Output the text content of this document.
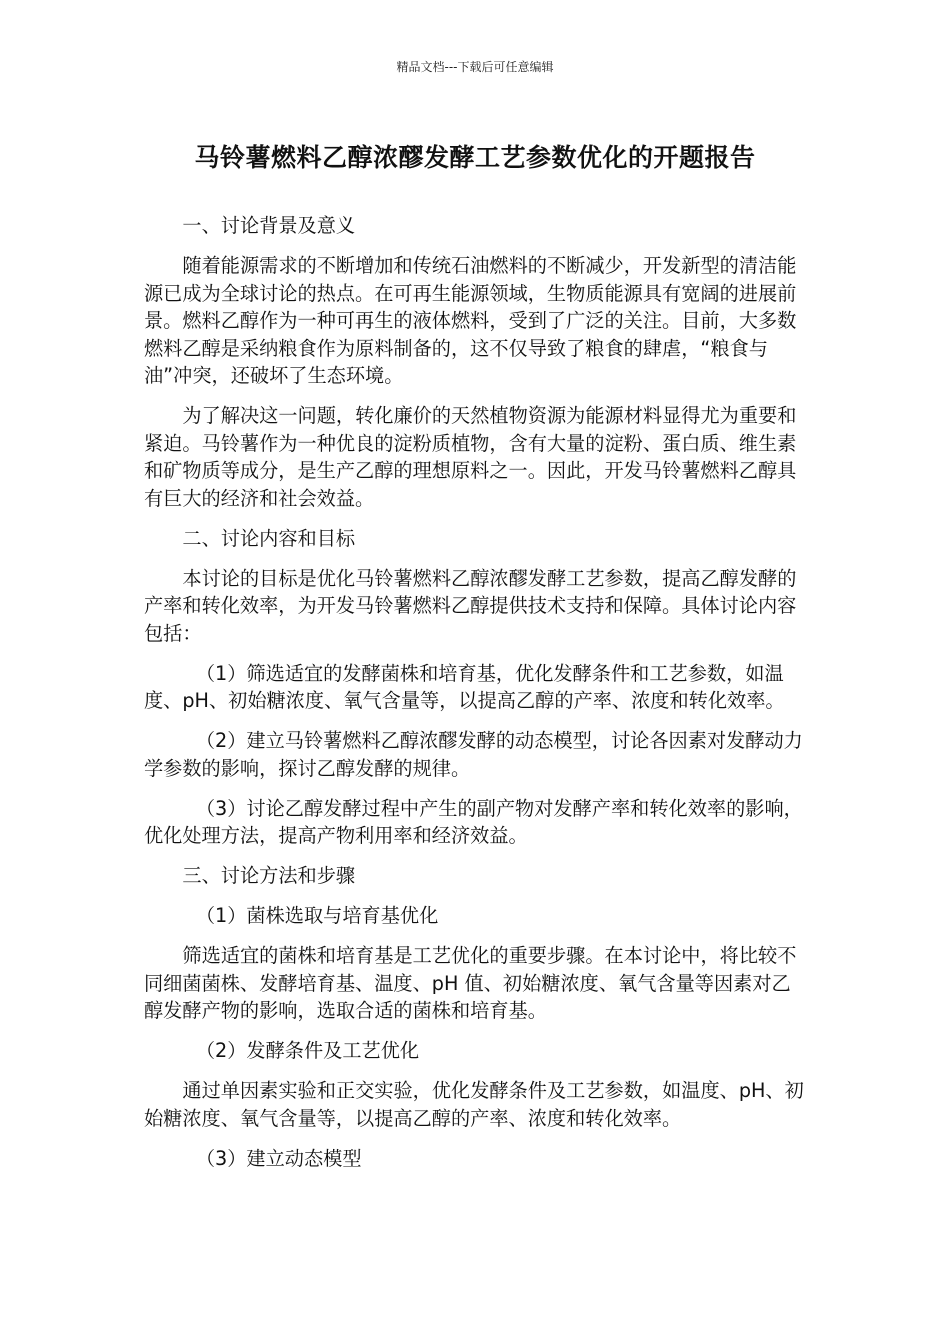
精品文档---下载后可任意编辑
马铃薯燃料乙醇浓醪发酵工艺参数优化的开题报告

一、讨论背景及意义

随着能源需求的不断增加和传统石油燃料的不断减少，开发新型的清洁能源已成为全球讨论的热点。在可再生能源领域，生物质能源具有宽阔的进展前景。燃料乙醇作为一种可再生的液体燃料，受到了广泛的关注。目前，大多数燃料乙醇是采纳粮食作为原料制备的，这不仅导致了粮食的肆虐，“粮食与油”冲突，还破坏了生态环境。

为了解决这一问题，转化廉价的天然植物资源为能源材料显得尤为重要和紧迫。马铃薯作为一种优良的淀粉质植物，含有大量的淀粉、蛋白质、维生素和矿物质等成分，是生产乙醇的理想原料之一。因此，开发马铃薯燃料乙醇具有巨大的经济和社会效益。

二、讨论内容和目标

本讨论的目标是优化马铃薯燃料乙醇浓醪发酵工艺参数，提高乙醇发酵的产率和转化效率，为开发马铃薯燃料乙醇提供技术支持和保障。具体讨论内容包括：

（1）筛选适宜的发酵菌株和培育基，优化发酵条件和工艺参数，如温度、pH、初始糖浓度、氧气含量等，以提高乙醇的产率、浓度和转化效率。

（2）建立马铃薯燃料乙醇浓醪发酵的动态模型，讨论各因素对发酵动力学参数的影响，探讨乙醇发酵的规律。

（3）讨论乙醇发酵过程中产生的副产物对发酵产率和转化效率的影响，优化处理方法，提高产物利用率和经济效益。

三、讨论方法和步骤

（1）菌株选取与培育基优化

筛选适宜的菌株和培育基是工艺优化的重要步骤。在本讨论中，将比较不同细菌菌株、发酵培育基、温度、pH 值、初始糖浓度、氧气含量等因素对乙醇发酵产物的影响，选取合适的菌株和培育基。

（2）发酵条件及工艺优化

通过单因素实验和正交实验，优化发酵条件及工艺参数，如温度、pH、初始糖浓度、氧气含量等，以提高乙醇的产率、浓度和转化效率。

（3）建立动态模型
